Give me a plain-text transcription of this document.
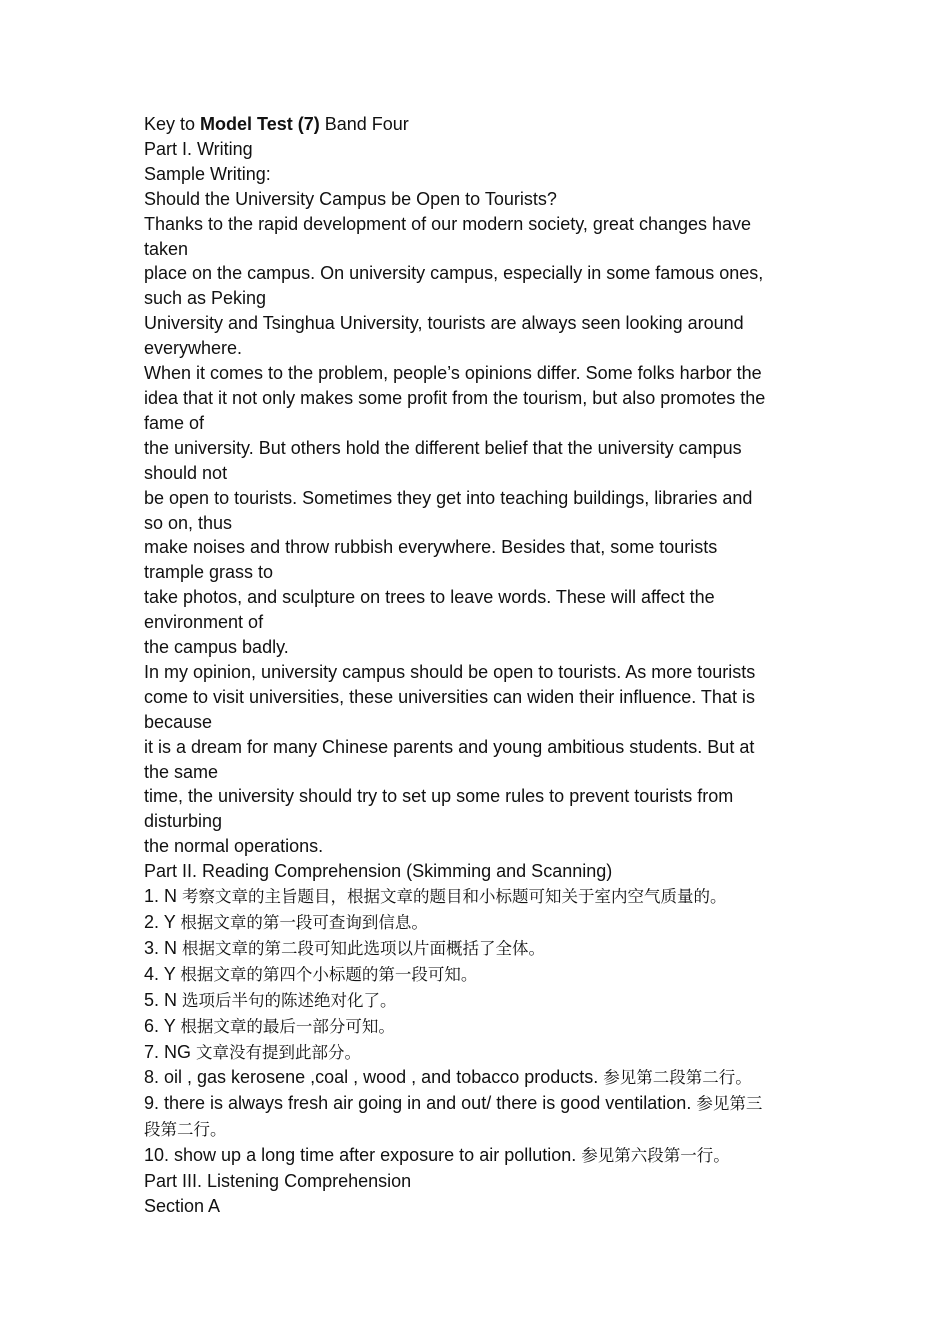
Key to Model Test (7) Band Four
Part I. Writing
Sample Writing:
Should the University Campus be Open to Tourists?
Thanks to the rapid development of our modern society, great changes have
taken
place on the campus. On university campus, especially in some famous ones,
such as Peking
University and Tsinghua University, tourists are always seen looking around
everywhere.
When it comes to the problem, people’s opinions differ. Some folks harbor the
idea that it not only makes some profit from the tourism, but also promotes the
fame of
the university. But others hold the different belief that the university campus
should not
be open to tourists. Sometimes they get into teaching buildings, libraries and
so on, thus
make noises and throw rubbish everywhere. Besides that, some tourists
trample grass to
take photos, and sculpture on trees to leave words. These will affect the
environment of
the campus badly.
In my opinion, university campus should be open to tourists. As more tourists
come to visit universities, these universities can widen their influence. That is
because
it is a dream for many Chinese parents and young ambitious students. But at
the same
time, the university should try to set up some rules to prevent tourists from
disturbing
the normal operations.
Part II. Reading Comprehension (Skimming and Scanning)
1. N 考察文章的主旨题目，根据文章的题目和小标题可知关于室内空气质量的。
2. Y 根据文章的第一段可查询到信息。
3. N 根据文章的第二段可知此选项以片面概括了全体。
4. Y 根据文章的第四个小标题的第一段可知。
5. N 选项后半句的陈述绝对化了。
6. Y 根据文章的最后一部分可知。
7. NG 文章没有提到此部分。
8. oil , gas kerosene ,coal , wood , and tobacco products. 参见第二段第二行。
9. there is always fresh air going in and out/ there is good ventilation. 参见第三
段第二行。
10. show up a long time after exposure to air pollution. 参见第六段第一行。
Part III. Listening Comprehension
Section A
